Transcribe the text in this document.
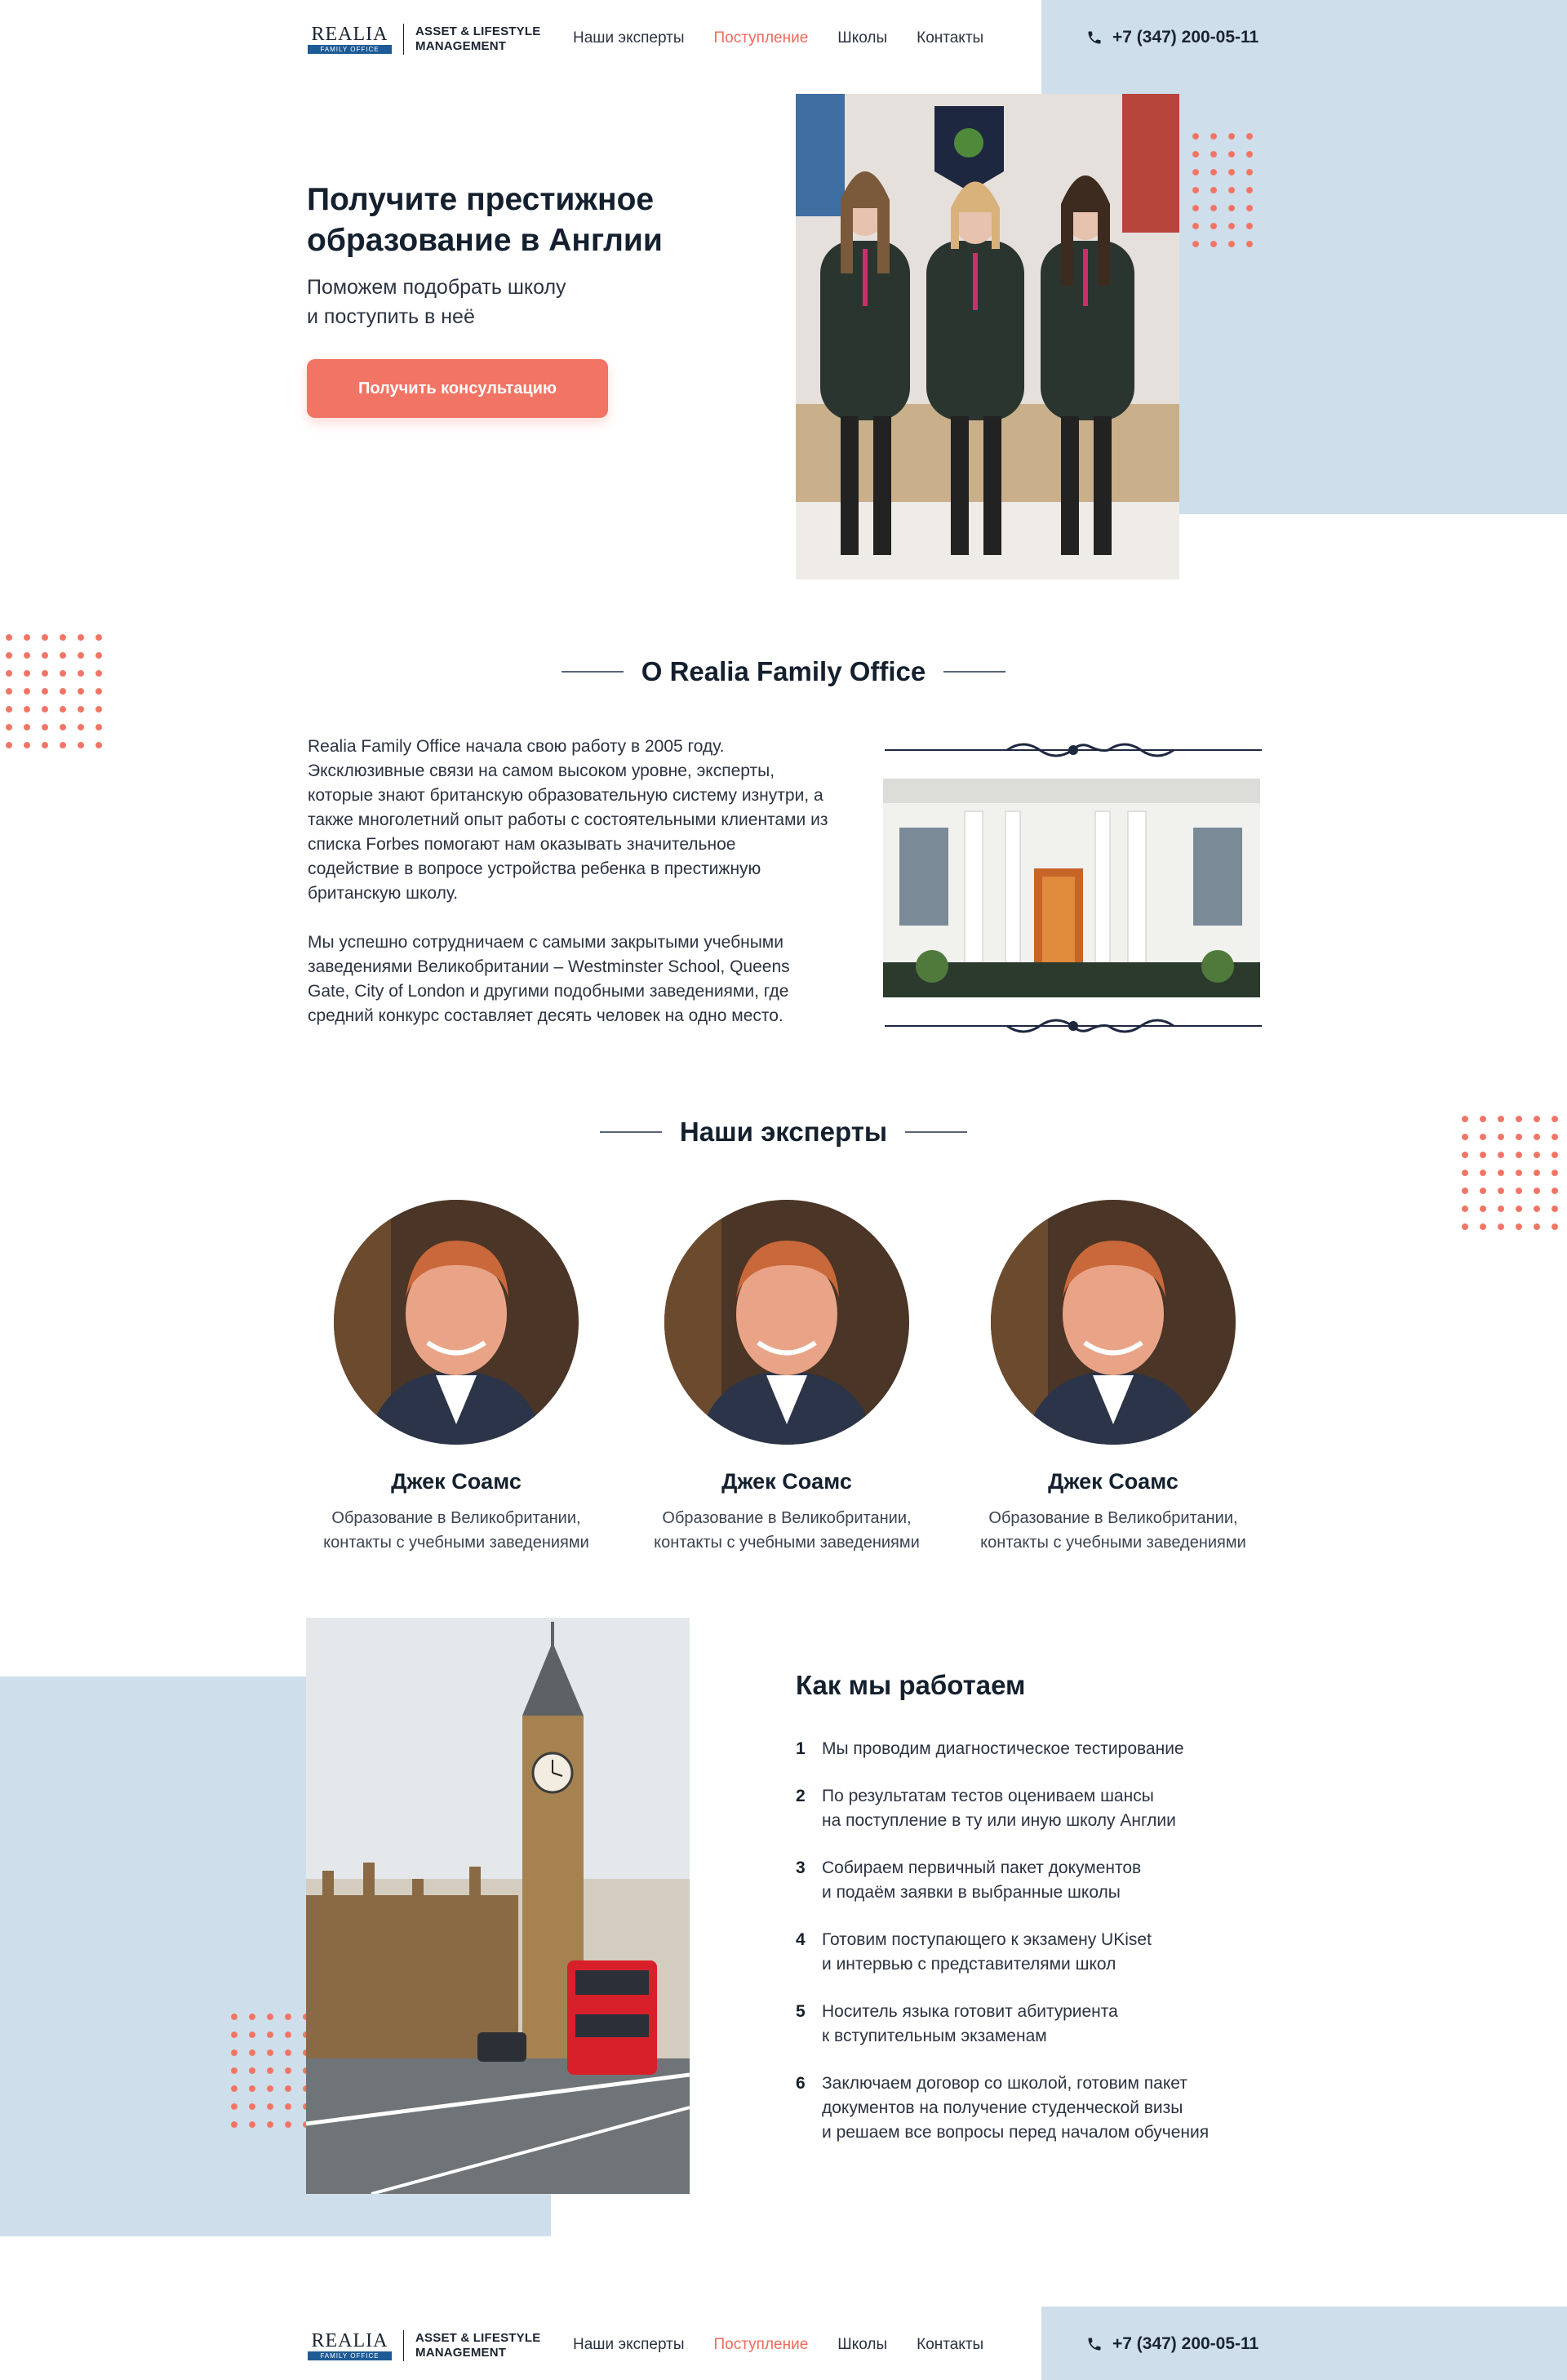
REALIA
FAMILY OFFICE
ASSET & LIFESTYLE
MANAGEMENT	Наши эксперты Поступление Школы Контакты	+7 (347) 200-05-11
Получите престижное образование в Англии

Поможем подобрать школу
и поступить в неё

Получить консультацию
О Realia Family Office

Realia Family Office начала свою работу в 2005 году. Эксклюзивные связи на самом высоком уровне, эксперты, которые знают британскую образовательную систему изнутри, а также многолетний опыт работы с состоятельными клиентами из списка Forbes помогают нам оказывать значительное содействие в вопросе устройства ребенка в престижную британскую школу.

Мы успешно сотрудничаем с самыми закрытыми учебными заведениями Великобритании – Westminster School, Queens Gate, City of London и другими подобными заведениями, где средний конкурс составляет десять человек на одно место.

Наши эксперты
Джек Соамс
Образование в Великобритании,
контакты с учебными заведениями
Джек Соамс
Образование в Великобритании,
контакты с учебными заведениями
Джек Соамс
Образование в Великобритании,
контакты с учебными заведениями
Как мы работаем
1 Мы проводим диагностическое тестирование
2 По результатам тестов оцениваем шансы
на поступление в ту или иную школу Англии
3 Собираем первичный пакет документов
и подаём заявки в выбранные школы
4 Готовим поступающего к экзамену UKiset
и интервью с представителями школ
5 Носитель языка готовит абитуриента
к вступительным экзаменам
6 Заключаем договор со школой, готовим пакет
документов на получение студенческой визы
и решаем все вопросы перед началом обучения
REALIA
FAMILY OFFICE
ASSET & LIFESTYLE
MANAGEMENT	Наши эксперты Поступление Школы Контакты	+7 (347) 200-05-11
